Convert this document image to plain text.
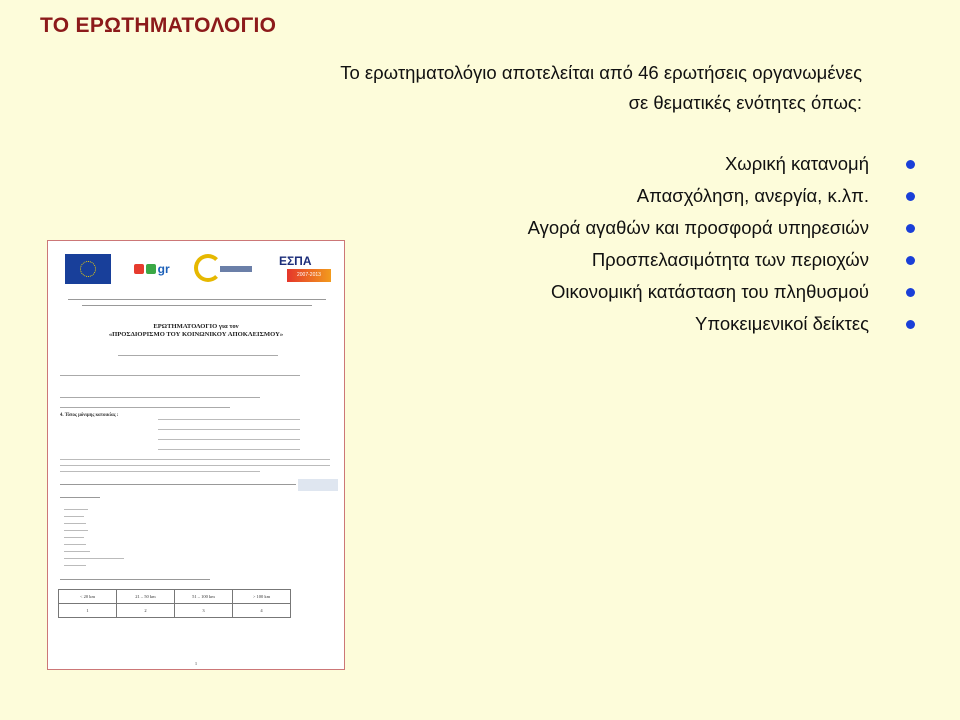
ΤΟ ΕΡΩΤΗΜΑΤΟΛΟΓΙΟ
Το ερωτηματολόγιο αποτελείται από 46 ερωτήσεις οργανωμένες
σε θεματικές ενότητες όπως:
Χωρική κατανομή
Απασχόληση, ανεργία, κ.λπ.
Αγορά αγαθών και προσφορά υπηρεσιών
Προσπελασιμότητα των περιοχών
Οικονομική κατάσταση του πληθυσμού
Υποκειμενικοί δείκτες
gr
ΕΣΠΑ
2007-2013
ΕΡΩΤΗΜΑΤΟΛΟΓΙΟ για τον
«ΠΡΟΣΔΙΟΡΙΣΜΟ ΤΟΥ ΚΟΙΝΩΝΙΚΟΥ ΑΠΟΚΛΕΙΣΜΟΥ»
4. Τόπος μόνιμης κατοικίας :
< 20 km	21 – 50 km	51 – 100 km	> 100 km
1	2	3	4
1
